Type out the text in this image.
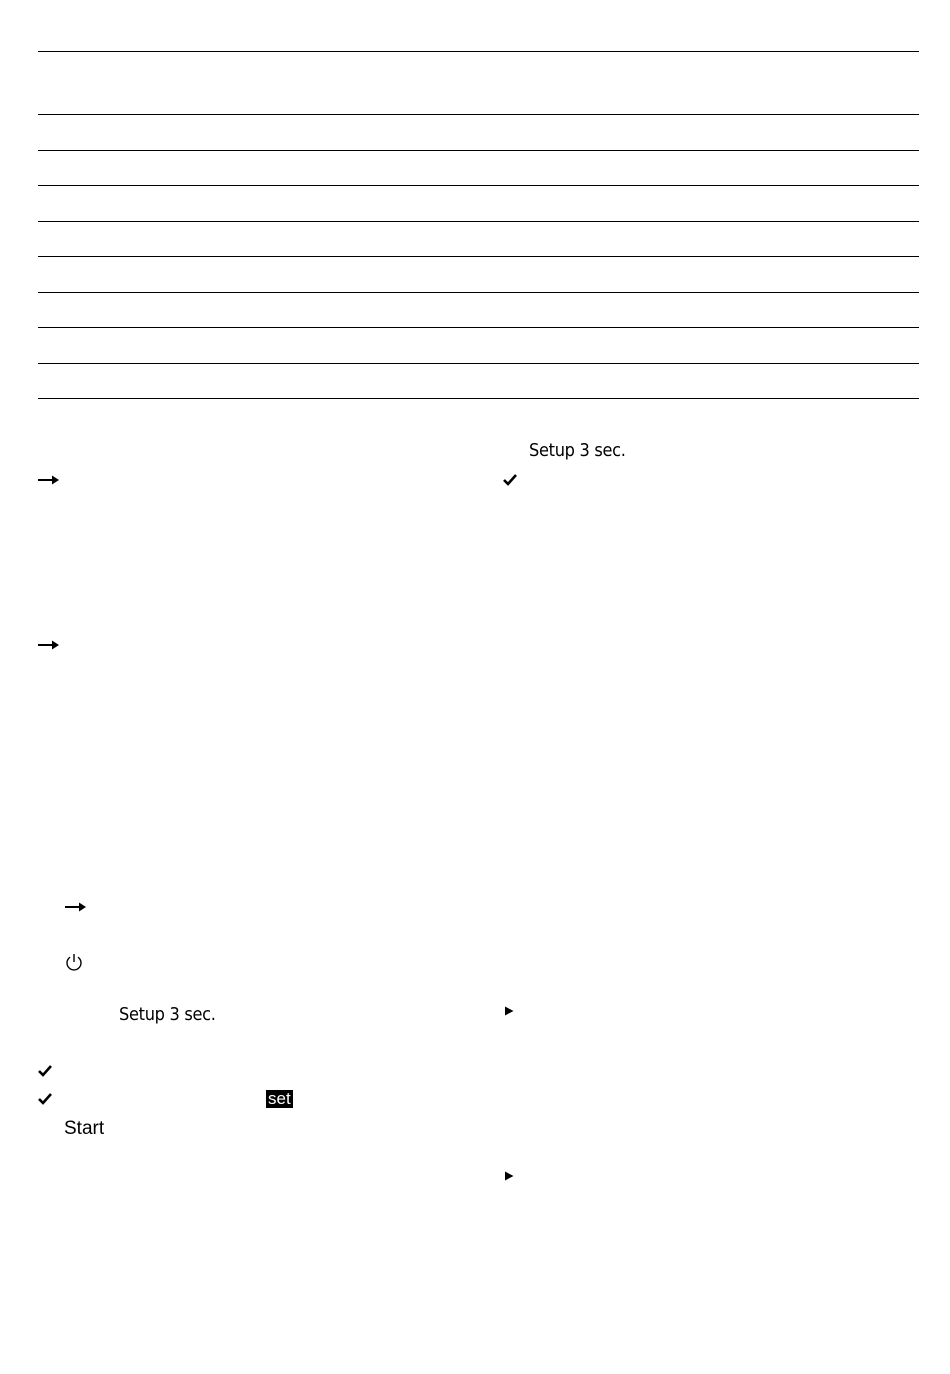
Setup 3 sec.
set
Start
Setup 3 sec.
